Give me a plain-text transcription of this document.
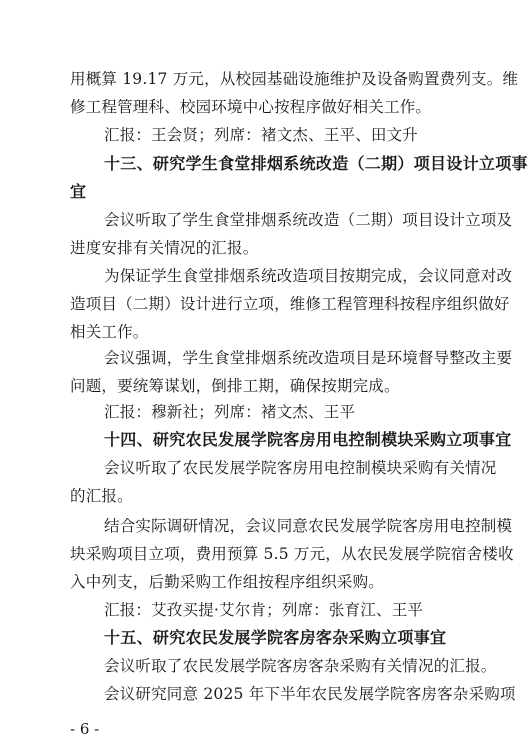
用概算 19.17 万元，从校园基础设施维护及设备购置费列支。维
修工程管理科、校园环境中心按程序做好相关工作。
汇报：王会贤；列席：褚文杰、王平、田文升
十三、研究学生食堂排烟系统改造（二期）项目设计立项事
宜
会议听取了学生食堂排烟系统改造（二期）项目设计立项及
进度安排有关情况的汇报。
为保证学生食堂排烟系统改造项目按期完成，会议同意对改
造项目（二期）设计进行立项，维修工程管理科按程序组织做好
相关工作。
会议强调，学生食堂排烟系统改造项目是环境督导整改主要
问题，要统筹谋划，倒排工期，确保按期完成。
汇报：穆新社；列席：褚文杰、王平
十四、研究农民发展学院客房用电控制模块采购立项事宜
会议听取了农民发展学院客房用电控制模块采购有关情况
的汇报。
结合实际调研情况，会议同意农民发展学院客房用电控制模
块采购项目立项，费用预算 5.5 万元，从农民发展学院宿舍楼收
入中列支，后勤采购工作组按程序组织采购。
汇报：艾孜买提·艾尔肯；列席：张育江、王平
十五、研究农民发展学院客房客杂采购立项事宜
会议听取了农民发展学院客房客杂采购有关情况的汇报。
会议研究同意 2025 年下半年农民发展学院客房客杂采购项
- 6 -
